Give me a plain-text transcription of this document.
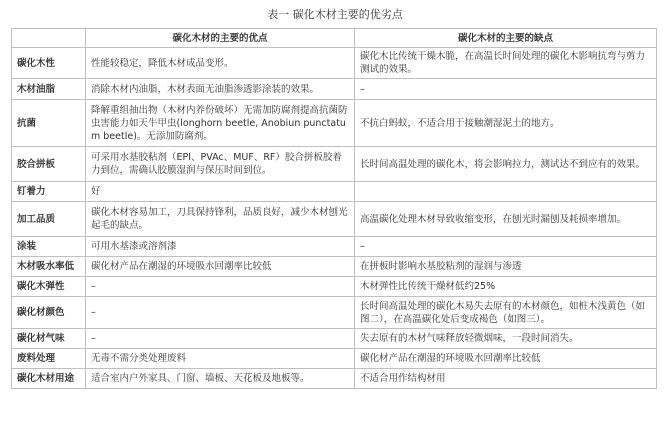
表一 碳化木材主要的优劣点
	碳化木材的主要的优点	碳化木材的主要的缺点
碳化木性	性能较稳定，降低木材成品变形。	碳化木比传统干燥木脆，在高温长时间处理的碳化木影响抗弯与剪力测试的效果。
木材油脂	消除木材内油脂，木材表面无油脂渗透影涂装的效果。	–
抗菌	降解重组抽出物（木材内养份破坏）无需加防腐剂提高抗菌防虫害能力如天牛甲虫(longhorn beetle, Anobiun punctatum beetle)。无添加防腐剂。	不抗白蚂蚁，不适合用于接触潮湿泥土的地方。
胶合拼板	可采用水基胶粘剂（EPI、PVAc、MUF、RF）胶合拼板胶着力到位，需确认胶膜湿润与保压时间到位。	长时间高温处理的碳化木，将会影响拉力，测试达不到应有的效果。
钉着力	好	
加工品质	碳化木材容易加工，刀具保持锋利，品质良好，减少木材刨光起毛的缺点。	高温碳化处理木材导致收缩变形，在刨光时漏刨及耗损率增加。
涂装	可用水基漆或溶剂漆	–
木材吸水率低	碳化材产品在潮湿的环境吸水回潮率比较低	在拼板时影响水基胶粘剂的湿润与渗透
碳化木弹性	–	木材弹性比传统干燥材低约25%
碳化材颜色	–	长时间高温处理的碳化木易失去原有的木材颜色，如桩木浅黄色（如图二），在高温碳化处后变成褐色（如图三）。
碳化材气味	–	失去原有的木材气味释放轻微烟味，一段时间消失。
废料处理	无毒不需分类处理废料	碳化材产品在潮湿的环境吸水回潮率比较低
碳化木材用途	适合室内户外家具、门窗、墙板、天花板及地板等。	不适合用作结构材用
